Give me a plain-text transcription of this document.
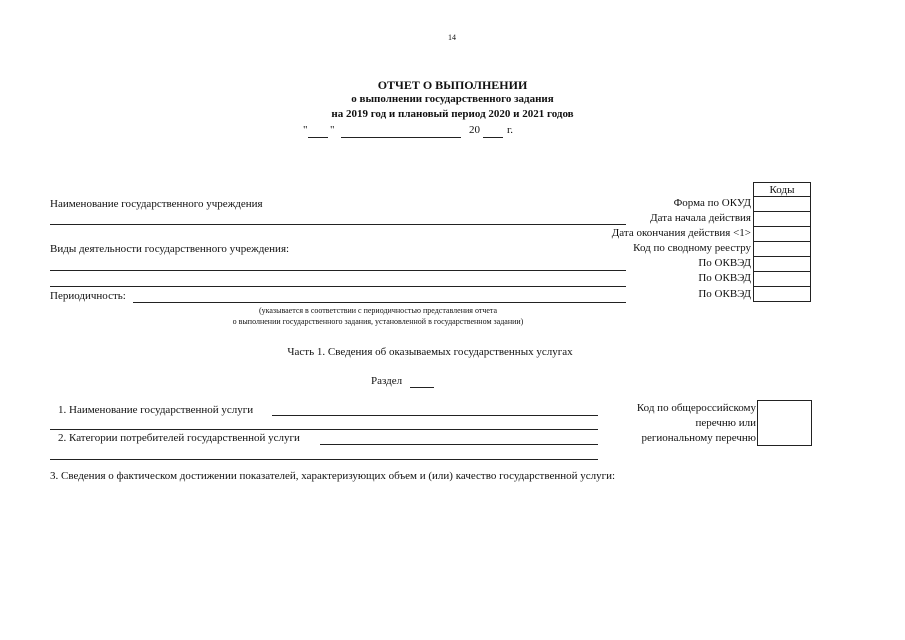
14
ОТЧЕТ О ВЫПОЛНЕНИИ
о выполнении государственного задания
на 2019 год и плановый период 2020 и 2021 годов
" "	20 г.
Коды

Форма по ОКУД
Дата начала действия
Дата окончания действия <1>
Код по сводному реестру
По ОКВЭД
По ОКВЭД
По ОКВЭД
Наименование государственного учреждения
Виды деятельности государственного учреждения:
Периодичность:
(указывается в соответствии с периодичностью представления отчета
о выполнении государственного задания, установленной в государственном задании)
Часть 1. Сведения об оказываемых государственных услугах
Раздел
1. Наименование государственной услуги
2. Категории потребителей государственной услуги
Код по общероссийскому
перечню или
региональному перечню
3. Сведения о фактическом достижении показателей, характеризующих объем и (или) качество государственной услуги:
